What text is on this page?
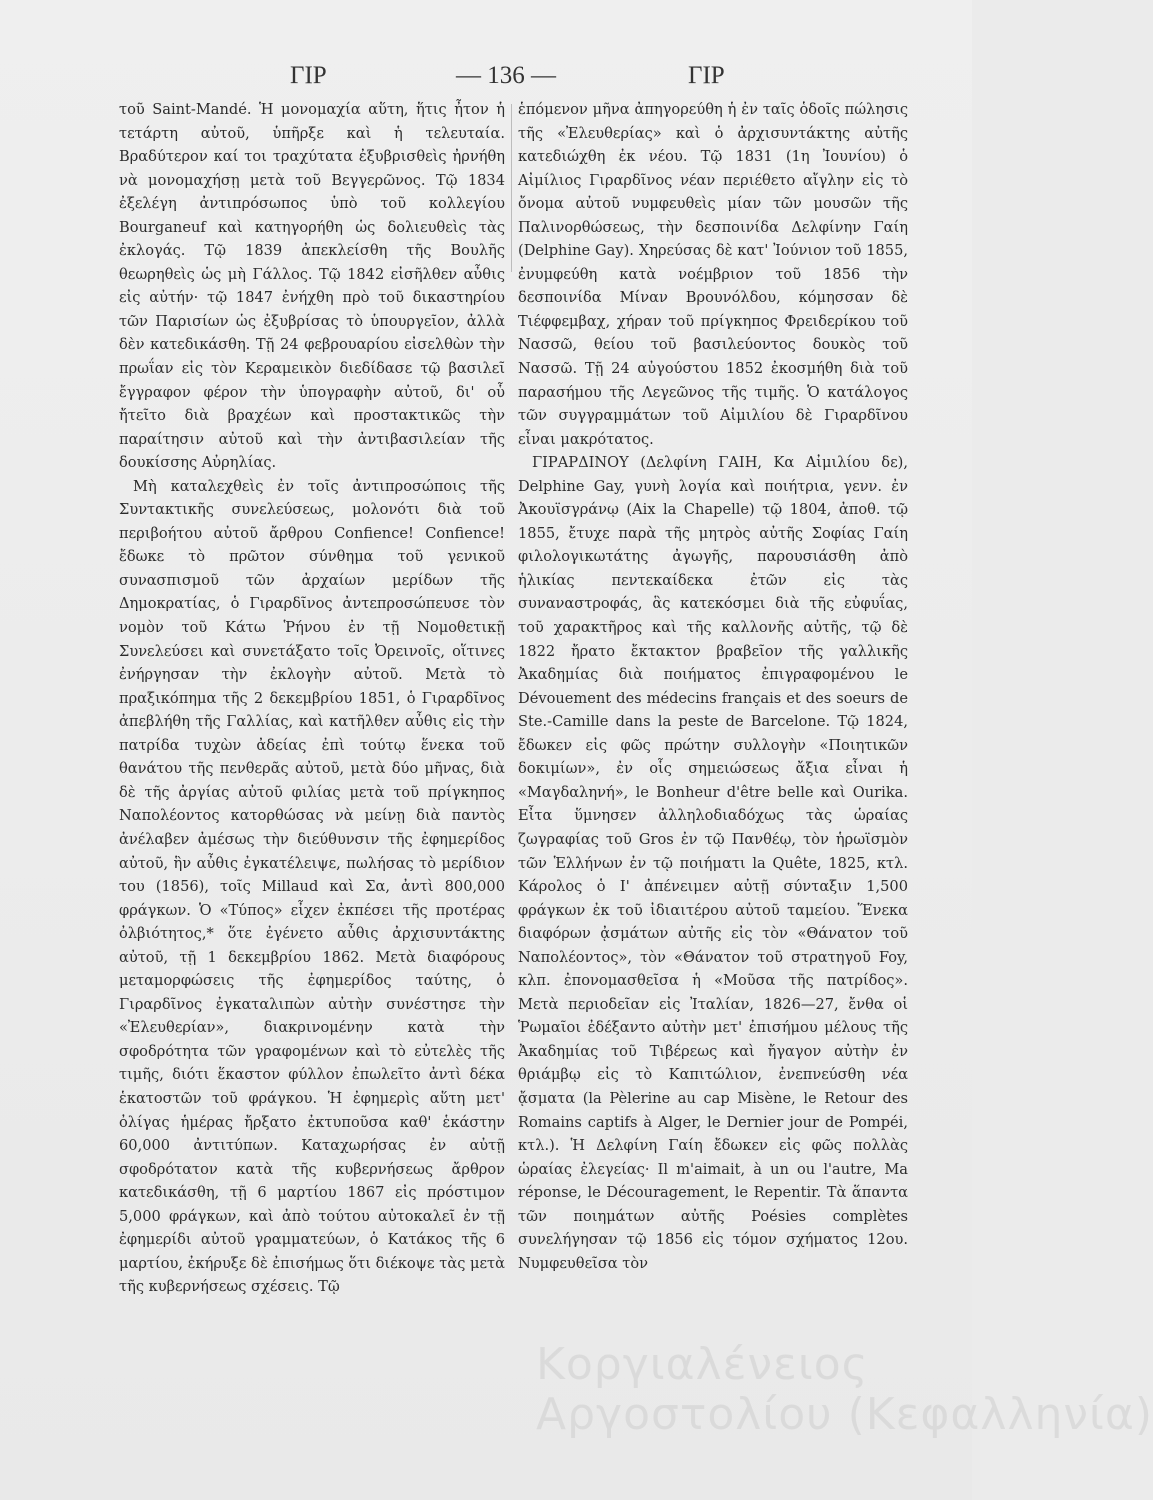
ΓΙΡ	— 136 —	ΓΙΡ

τοῦ Saint-Mandé. Ἡ μονομαχία αὕτη, ἥτις ἦτον ἡ τετάρτη αὐτοῦ, ὑπῆρξε καὶ ἡ τελευταία. Βραδύτερον καί τοι τραχύτατα ἐξυβρισθεὶς ἠρνήθη νὰ μονομαχήσῃ μετὰ τοῦ Βεγγερῶνος. Τῷ 1834 ἐξελέγη ἀντιπρόσωπος ὑπὸ τοῦ κολλεγίου Bourganeuf καὶ κατηγορήθη ὡς δολιευθεὶς τὰς ἐκλογάς. Τῷ 1839 ἀπεκλείσθη τῆς Βουλῆς θεωρηθεὶς ὡς μὴ Γάλλος. Τῷ 1842 εἰσῆλθεν αὖθις εἰς αὐτήν· τῷ 1847 ἐνήχθη πρὸ τοῦ δικαστηρίου τῶν Παρισίων ὡς ἐξυβρίσας τὸ ὑπουργεῖον, ἀλλὰ δὲν κατεδικάσθη. Τῇ 24 φεβρουαρίου εἰσελθὼν τὴν πρωΐαν εἰς τὸν Κεραμεικὸν διεδίδασε τῷ βασιλεῖ ἔγγραφον φέρον τὴν ὑπογραφὴν αὐτοῦ, δι' οὗ ἤτεῖτο διὰ βραχέων καὶ προστακτικῶς τὴν παραίτησιν αὐτοῦ καὶ τὴν ἀντιβασιλείαν τῆς δουκίσσης Αὐρηλίας.

Μὴ καταλεχθεὶς ἐν τοῖς ἀντιπροσώποις τῆς Συντακτικῆς συνελεύσεως, μολονότι διὰ τοῦ περιβοήτου αὐτοῦ ἄρθρου Confience! Confience! ἔδωκε τὸ πρῶτον σύνθημα τοῦ γενικοῦ συνασπισμοῦ τῶν ἀρχαίων μερίδων τῆς Δημοκρατίας, ὁ Γιραρδῖνος ἀντεπροσώπευσε τὸν νομὸν τοῦ Κάτω Ῥήνου ἐν τῇ Νομοθετικῇ Συνελεύσει καὶ συνετάξατο τοῖς Ὀρεινοῖς, οἵτινες ἐνήργησαν τὴν ἐκλογὴν αὐτοῦ. Μετὰ τὸ πραξικόπημα τῆς 2 δεκεμβρίου 1851, ὁ Γιραρδῖνος ἀπεβλήθη τῆς Γαλλίας, καὶ κατῆλθεν αὖθις εἰς τὴν πατρίδα τυχὼν ἀδείας ἐπὶ τούτῳ ἕνεκα τοῦ θανάτου τῆς πενθερᾶς αὐτοῦ, μετὰ δύο μῆνας, διὰ δὲ τῆς ἀργίας αὐτοῦ φιλίας μετὰ τοῦ πρίγκηπος Ναπολέοντος κατορθώσας νὰ μείνῃ διὰ παντὸς ἀνέλαβεν ἀμέσως τὴν διεύθυνσιν τῆς ἐφημερίδος αὐτοῦ, ἣν αὖθις ἐγκατέλειψε, πωλήσας τὸ μερίδιον του (1856), τοῖς Millaud καὶ Σα, ἀντὶ 800,000 φράγκων. Ὁ «Τύπος» εἶχεν ἐκπέσει τῆς προτέρας ὀλβιότητος,* ὅτε ἐγένετο αὖθις ἀρχισυντάκτης αὐτοῦ, τῇ 1 δεκεμβρίου 1862. Μετὰ διαφόρους μεταμορφώσεις τῆς ἐφημερίδος ταύτης, ὁ Γιραρδῖνος ἐγκαταλιπὼν αὐτὴν συνέστησε τὴν «Ἐλευθερίαν», διακρινομένην κατὰ τὴν σφοδρότητα τῶν γραφομένων καὶ τὸ εὐτελὲς τῆς τιμῆς, διότι ἕκαστον φύλλον ἐπωλεῖτο ἀντὶ δέκα ἑκατοστῶν τοῦ φράγκου. Ἡ ἐφημερὶς αὕτη μετ' ὀλίγας ἡμέρας ἤρξατο ἐκτυποῦσα καθ' ἑκάστην 60,000 ἀντιτύπων. Καταχωρήσας ἐν αὐτῇ σφοδρότατον κατὰ τῆς κυβερνήσεως ἄρθρον κατεδικάσθη, τῇ 6 μαρτίου 1867 εἰς πρόστιμον 5,000 φράγκων, καὶ ἀπὸ τούτου αὐτοκαλεῖ ἐν τῇ ἐφημερίδι αὐτοῦ γραμματεύων, ὁ Κατάκος τῆς 6 μαρτίου, ἐκήρυξε δὲ ἐπισήμως ὅτι διέκοψε τὰς μετὰ τῆς κυβερνήσεως σχέσεις. Τῷ

ἑπόμενον μῆνα ἀπηγορεύθη ἡ ἐν ταῖς ὁδοῖς πώλησις τῆς «Ἐλευθερίας» καὶ ὁ ἀρχισυντάκτης αὐτῆς κατεδιώχθη ἐκ νέου. Τῷ 1831 (1η Ἰουνίου) ὁ Αἰμίλιος Γιραρδῖνος νέαν περιέθετο αἴγλην εἰς τὸ ὄνομα αὐτοῦ νυμφευθεὶς μίαν τῶν μουσῶν τῆς Παλινορθώσεως, τὴν δεσποινίδα Δελφίνην Γαίη (Delphine Gay). Χηρεύσας δὲ κατ' Ἰούνιον τοῦ 1855, ἐνυμφεύθη κατὰ νοέμβριον τοῦ 1856 τὴν δεσποινίδα Μίναν Βρουνόλδου, κόμησσαν δὲ Τιέφφεμβαχ, χήραν τοῦ πρίγκηπος Φρειδερίκου τοῦ Νασσῶ, θείου τοῦ βασιλεύοντος δουκὸς τοῦ Νασσῶ. Τῇ 24 αὐγούστου 1852 ἐκοσμήθη διὰ τοῦ παρασήμου τῆς Λεγεῶνος τῆς τιμῆς. Ὁ κατάλογος τῶν συγγραμμάτων τοῦ Αἰμιλίου δὲ Γιραρδῖνου εἶναι μακρότατος.

ΓΙΡΑΡΔΙΝΟΥ (Δελφίνη ΓΑΙΗ, Κα Αἰμιλίου δε), Delphine Gay, γυνὴ λογία καὶ ποιήτρια, γενν. ἐν Ἀκουϊσγράνῳ (Aix la Chapelle) τῷ 1804, ἀποθ. τῷ 1855, ἔτυχε παρὰ τῆς μητρὸς αὐτῆς Σοφίας Γαίη φιλολογικωτάτης ἀγωγῆς, παρουσιάσθη ἀπὸ ἡλικίας πεντεκαίδεκα ἐτῶν εἰς τὰς συναναστροφάς, ἃς κατεκόσμει διὰ τῆς εὐφυΐας, τοῦ χαρακτῆρος καὶ τῆς καλλονῆς αὐτῆς, τῷ δὲ 1822 ἤρατο ἔκτακτον βραβεῖον τῆς γαλλικῆς Ἀκαδημίας διὰ ποιήματος ἐπιγραφομένου le Dévouement des médecins français et des soeurs de Ste.-Camille dans la peste de Barcelone. Τῷ 1824, ἔδωκεν εἰς φῶς πρώτην συλλογὴν «Ποιητικῶν δοκιμίων», ἐν οἷς σημειώσεως ἄξια εἶναι ἡ «Μαγδαληνή», le Bonheur d'être belle καὶ Ourika. Εἶτα ὕμνησεν ἀλληλοδιαδόχως τὰς ὡραίας ζωγραφίας τοῦ Gros ἐν τῷ Πανθέῳ, τὸν ἡρωϊσμὸν τῶν Ἑλλήνων ἐν τῷ ποιήματι la Quête, 1825, κτλ. Κάρολος ὁ Ι' ἀπένειμεν αὐτῇ σύνταξιν 1,500 φράγκων ἐκ τοῦ ἰδιαιτέρου αὐτοῦ ταμείου. Ἕνεκα διαφόρων ᾀσμάτων αὐτῆς εἰς τὸν «Θάνατον τοῦ Ναπολέοντος», τὸν «Θάνατον τοῦ στρατηγοῦ Foy, κλπ. ἐπονομασθεῖσα ἡ «Μοῦσα τῆς πατρίδος». Μετὰ περιοδεῖαν εἰς Ἰταλίαν, 1826—27, ἔνθα οἱ Ῥωμαῖοι ἐδέξαντο αὐτὴν μετ' ἐπισήμου μέλους τῆς Ἀκαδημίας τοῦ Τιβέρεως καὶ ἤγαγον αὐτὴν ἐν θριάμβῳ εἰς τὸ Καπιτώλιον, ἐνεπνεύσθη νέα ᾄσματα (la Pèlerine au cap Misène, le Retour des Romains captifs à Alger, le Dernier jour de Pompéi, κτλ.). Ἡ Δελφίνη Γαίη ἔδωκεν εἰς φῶς πολλὰς ὡραίας ἐλεγείας· Il m'aimait, à un ou l'autre, Ma réponse, le Découragement, le Repentir. Τὰ ἅπαντα τῶν ποιημάτων αὐτῆς Poésies complètes συνελήγησαν τῷ 1856 εἰς τόμον σχήματος 12ου. Νυμφευθεῖσα τὸν

Κοργιαλένειος
Αργοστολίου (Κεφαλληνία)
